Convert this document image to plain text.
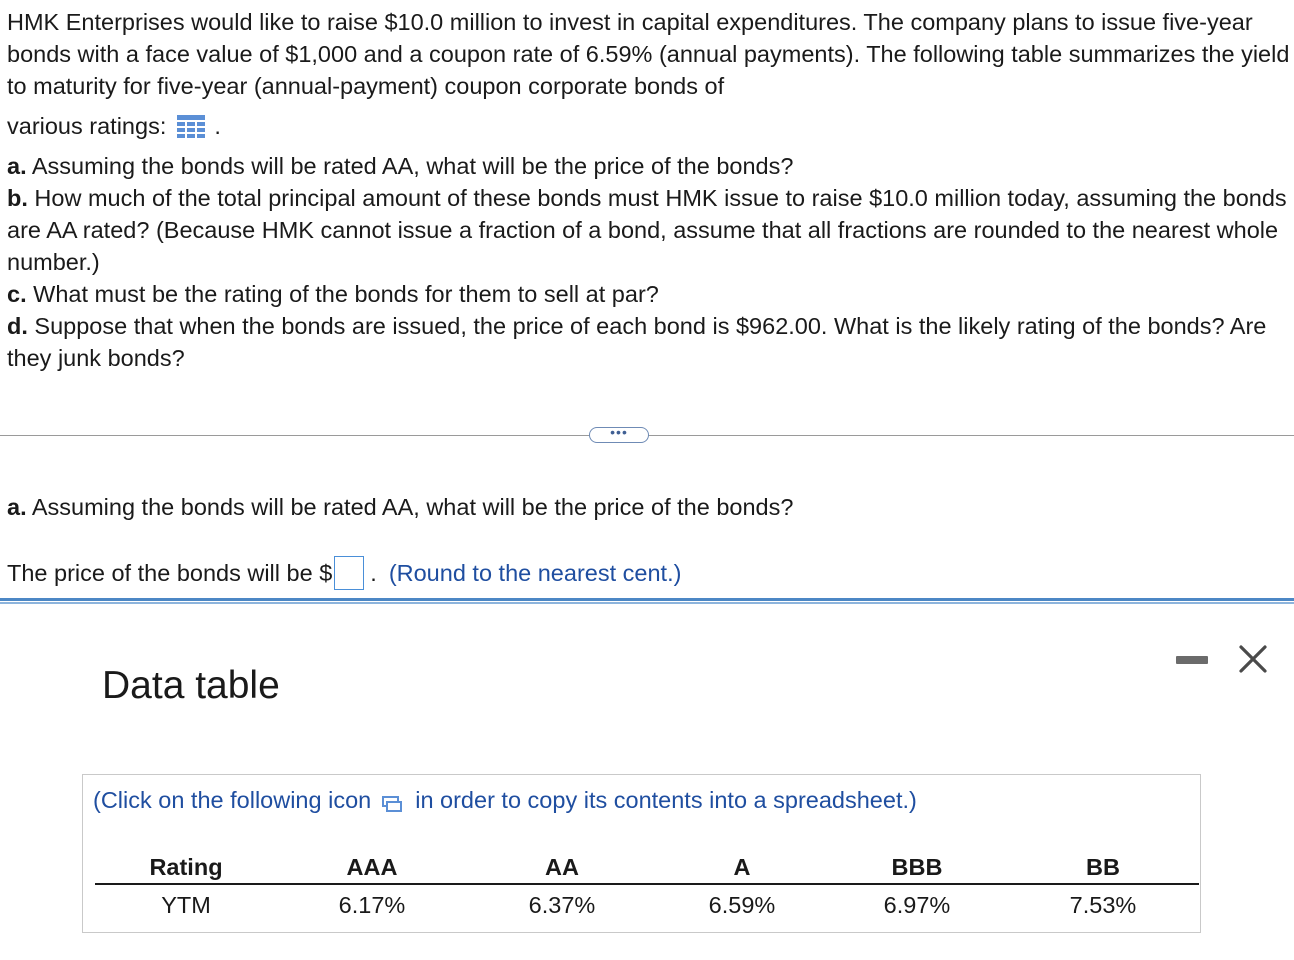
HMK Enterprises would like to raise $10.0 million to invest in capital expenditures. The company plans to issue five-year bonds with a face value of $1,000 and a coupon rate of 6.59% (annual payments). The following table summarizes the yield to maturity for five-year (annual-payment) coupon corporate bonds of

various ratings: .

a. Assuming the bonds will be rated AA, what will be the price of the bonds?

b. How much of the total principal amount of these bonds must HMK issue to raise $10.0 million today, assuming the bonds are AA rated? (Because HMK cannot issue a fraction of a bond, assume that all fractions are rounded to the nearest whole number.)

c. What must be the rating of the bonds for them to sell at par?

d. Suppose that when the bonds are issued, the price of each bond is $962.00. What is the likely rating of the bonds? Are they junk bonds?

•••
a. Assuming the bonds will be rated AA, what will be the price of the bonds?
The price of the bonds will be $ . (Round to the nearest cent.)
Data table
(Click on the following icon in order to copy its contents into a spreadsheet.)
Rating	AAA	AA	A	BBB	BB
YTM	6.17%	6.37%	6.59%	6.97%	7.53%
